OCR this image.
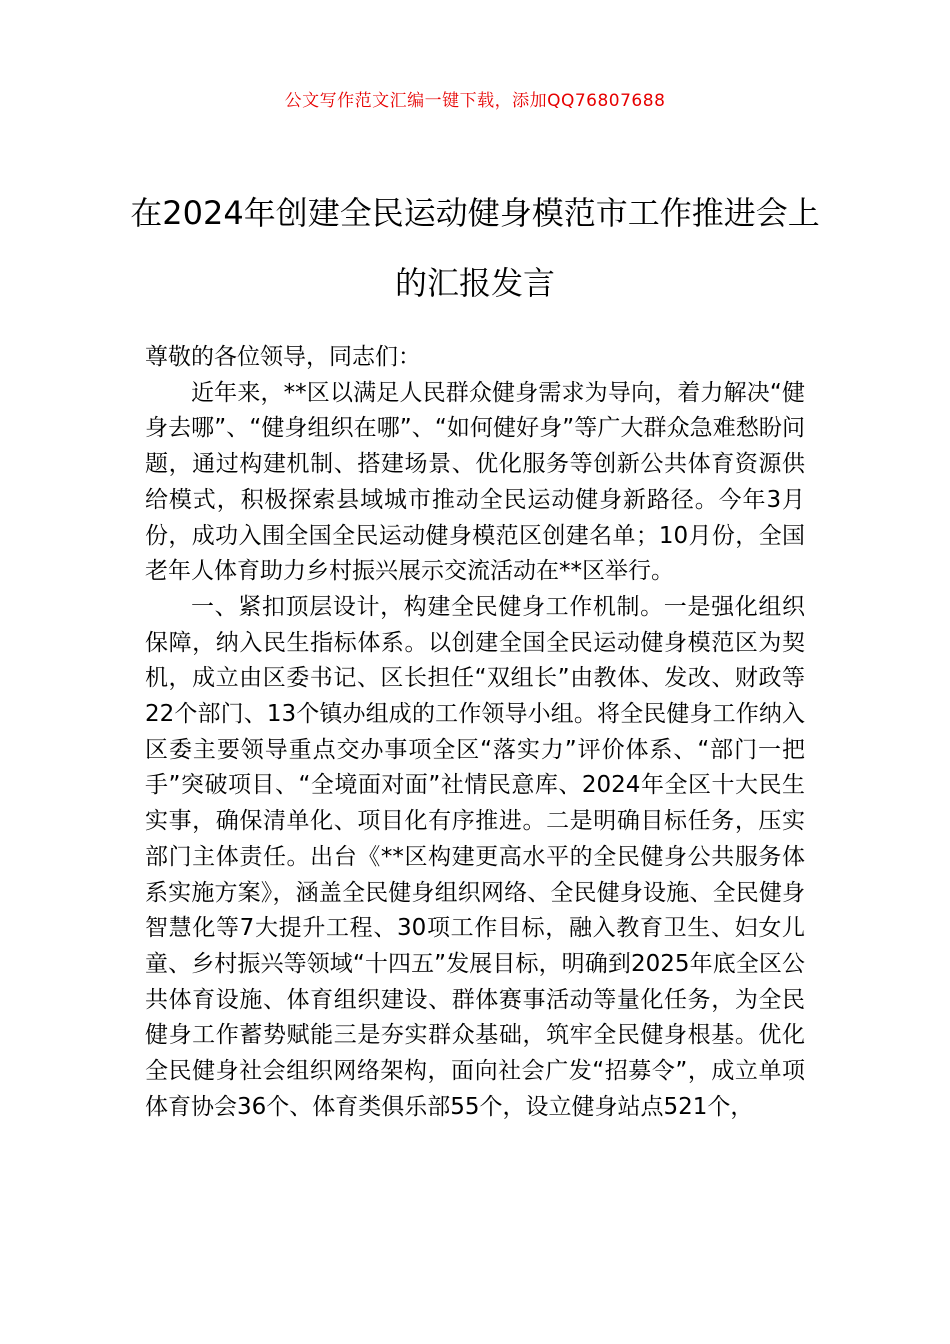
公文写作范文汇编一键下载，添加QQ76807688
在2024年创建全民运动健身模范市工作推进会上的汇报发言

尊敬的各位领导，同志们：

近年来，**区以满足人民群众健身需求为导向，着力解决“健身去哪”、“健身组织在哪”、“如何健好身”等广大群众急难愁盼问题，通过构建机制、搭建场景、优化服务等创新公共体育资源供给模式，积极探索县域城市推动全民运动健身新路径。今年3月份，成功入围全国全民运动健身模范区创建名单；10月份，全国老年人体育助力乡村振兴展示交流活动在**区举行。

一、紧扣顶层设计，构建全民健身工作机制。一是强化组织保障，纳入民生指标体系。以创建全国全民运动健身模范区为契机，成立由区委书记、区长担任“双组长”由教体、发改、财政等22个部门、13个镇办组成的工作领导小组。将全民健身工作纳入区委主要领导重点交办事项全区“落实力”评价体系、“部门一把手”突破项目、“全境面对面”社情民意库、2024年全区十大民生实事，确保清单化、项目化有序推进。二是明确目标任务，压实部门主体责任。出台《**区构建更高水平的全民健身公共服务体系实施方案》，涵盖全民健身组织网络、全民健身设施、全民健身智慧化等7大提升工程、30项工作目标，融入教育卫生、妇女儿童、乡村振兴等领域“十四五”发展目标，明确到2025年底全区公共体育设施、体育组织建设、群体赛事活动等量化任务，为全民健身工作蓄势赋能三是夯实群众基础，筑牢全民健身根基。优化全民健身社会组织网络架构，面向社会广发“招募令”，成立单项体育协会36个、体育类俱乐部55个，设立健身站点521个，
